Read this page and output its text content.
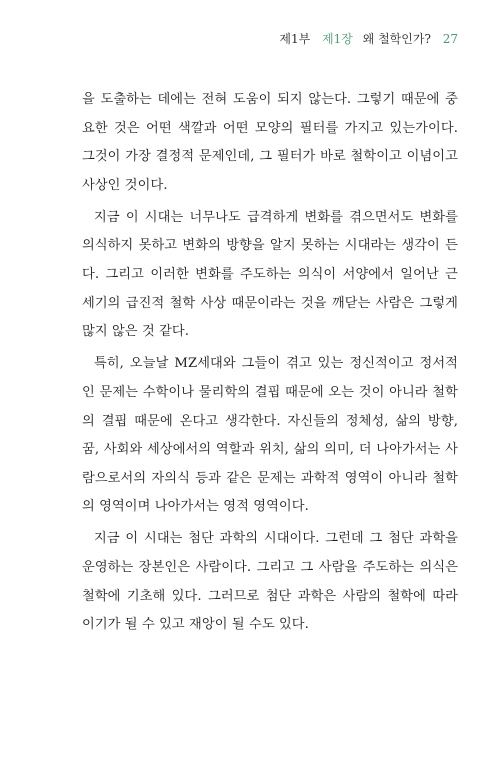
제1부 제1장 왜 철학인가? 27

을 도출하는 데에는 전혀 도움이 되지 않는다. 그렇기 때문에 중요한 것은 어떤 색깔과 어떤 모양의 필터를 가지고 있는가이다. 그것이 가장 결정적 문제인데, 그 필터가 바로 철학이고 이념이고 사상인 것이다.

지금 이 시대는 너무나도 급격하게 변화를 겪으면서도 변화를 의식하지 못하고 변화의 방향을 알지 못하는 시대라는 생각이 든다. 그리고 이러한 변화를 주도하는 의식이 서양에서 일어난 근 세기의 급진적 철학 사상 때문이라는 것을 깨닫는 사람은 그렇게 많지 않은 것 같다.

특히, 오늘날 MZ세대와 그들이 겪고 있는 정신적이고 정서적인 문제는 수학이나 물리학의 결핍 때문에 오는 것이 아니라 철학의 결핍 때문에 온다고 생각한다. 자신들의 정체성, 삶의 방향, 꿈, 사회와 세상에서의 역할과 위치, 삶의 의미, 더 나아가서는 사람으로서의 자의식 등과 같은 문제는 과학적 영역이 아니라 철학의 영역이며 나아가서는 영적 영역이다.

지금 이 시대는 첨단 과학의 시대이다. 그런데 그 첨단 과학을 운영하는 장본인은 사람이다. 그리고 그 사람을 주도하는 의식은 철학에 기초해 있다. 그러므로 첨단 과학은 사람의 철학에 따라 이기가 될 수 있고 재앙이 될 수도 있다.
